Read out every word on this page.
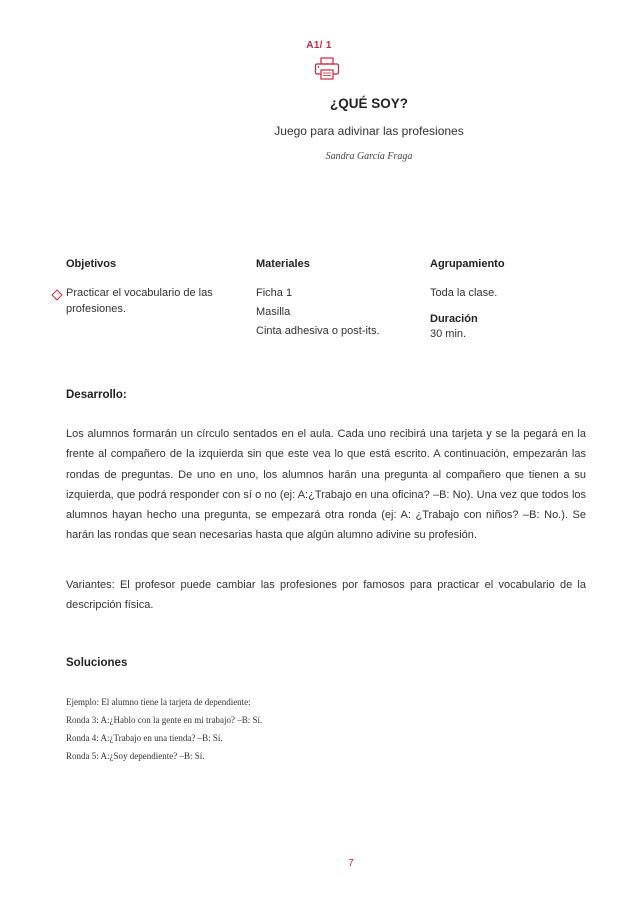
A1/ 1
¿QUÉ SOY?
Juego para adivinar las profesiones
Sandra García Fraga
Objetivos
Practicar el vocabulario de las profesiones.
Materiales
Ficha 1
Masilla
Cinta adhesiva o post-its.
Agrupamiento
Toda la clase.
Duración
30 min.
Desarrollo:
Los alumnos formarán un círculo sentados en el aula. Cada uno recibirá una tarjeta y se la pegará en la frente al compañero de la izquierda sin que este vea lo que está escrito. A continuación, empezarán las rondas de preguntas. De uno en uno, los alumnos harán una pregunta al compañero que tienen a su izquierda, que podrá responder con sí o no (ej: A:¿Trabajo en una oficina? –B: No). Una vez que todos los alumnos hayan hecho una pregunta, se empezará otra ronda (ej: A: ¿Trabajo con niños? –B: No.). Se harán las rondas que sean necesarias hasta que algún alumno adivine su profesión.
Variantes: El profesor puede cambiar las profesiones por famosos para practicar el vocabulario de la descripción física.
Soluciones
Ejemplo: El alumno tiene la tarjeta de dependiente:
Ronda 3: A:¿Hablo con la gente en mi trabajo? –B: Sí.
Ronda 4: A:¿Trabajo en una tienda? –B: Sí.
Ronda 5: A:¿Soy dependiente? –B: Sí.
7
